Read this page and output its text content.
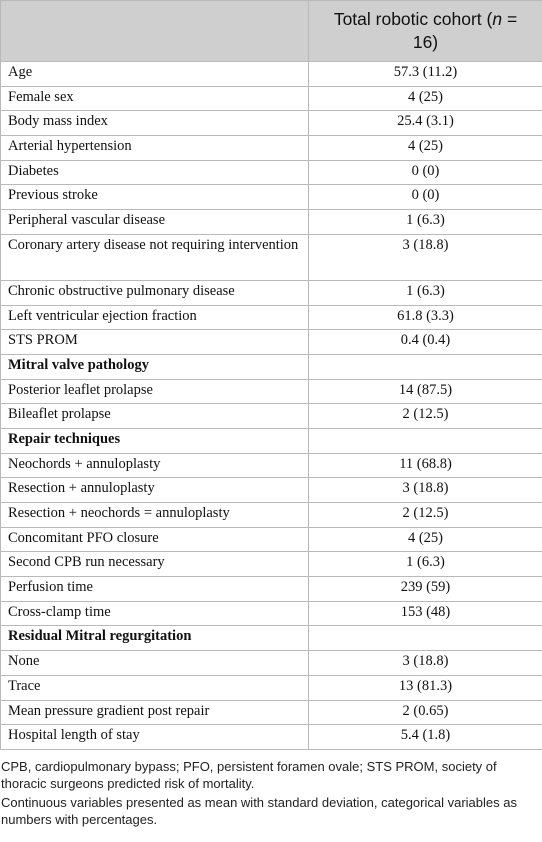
	Total robotic cohort (n = 16)
Age	57.3 (11.2)
Female sex	4 (25)
Body mass index	25.4 (3.1)
Arterial hypertension	4 (25)
Diabetes	0 (0)
Previous stroke	0 (0)
Peripheral vascular disease	1 (6.3)
Coronary artery disease not requiring intervention	3 (18.8)
Chronic obstructive pulmonary disease	1 (6.3)
Left ventricular ejection fraction	61.8 (3.3)
STS PROM	0.4 (0.4)
Mitral valve pathology	
Posterior leaflet prolapse	14 (87.5)
Bileaflet prolapse	2 (12.5)
Repair techniques	
Neochords + annuloplasty	11 (68.8)
Resection + annuloplasty	3 (18.8)
Resection + neochords = annuloplasty	2 (12.5)
Concomitant PFO closure	4 (25)
Second CPB run necessary	1 (6.3)
Perfusion time	239 (59)
Cross-clamp time	153 (48)
Residual Mitral regurgitation	
None	3 (18.8)
Trace	13 (81.3)
Mean pressure gradient post repair	2 (0.65)
Hospital length of stay	5.4 (1.8)

CPB, cardiopulmonary bypass; PFO, persistent foramen ovale; STS PROM, society of thoracic surgeons predicted risk of mortality.

Continuous variables presented as mean with standard deviation, categorical variables as numbers with percentages.
